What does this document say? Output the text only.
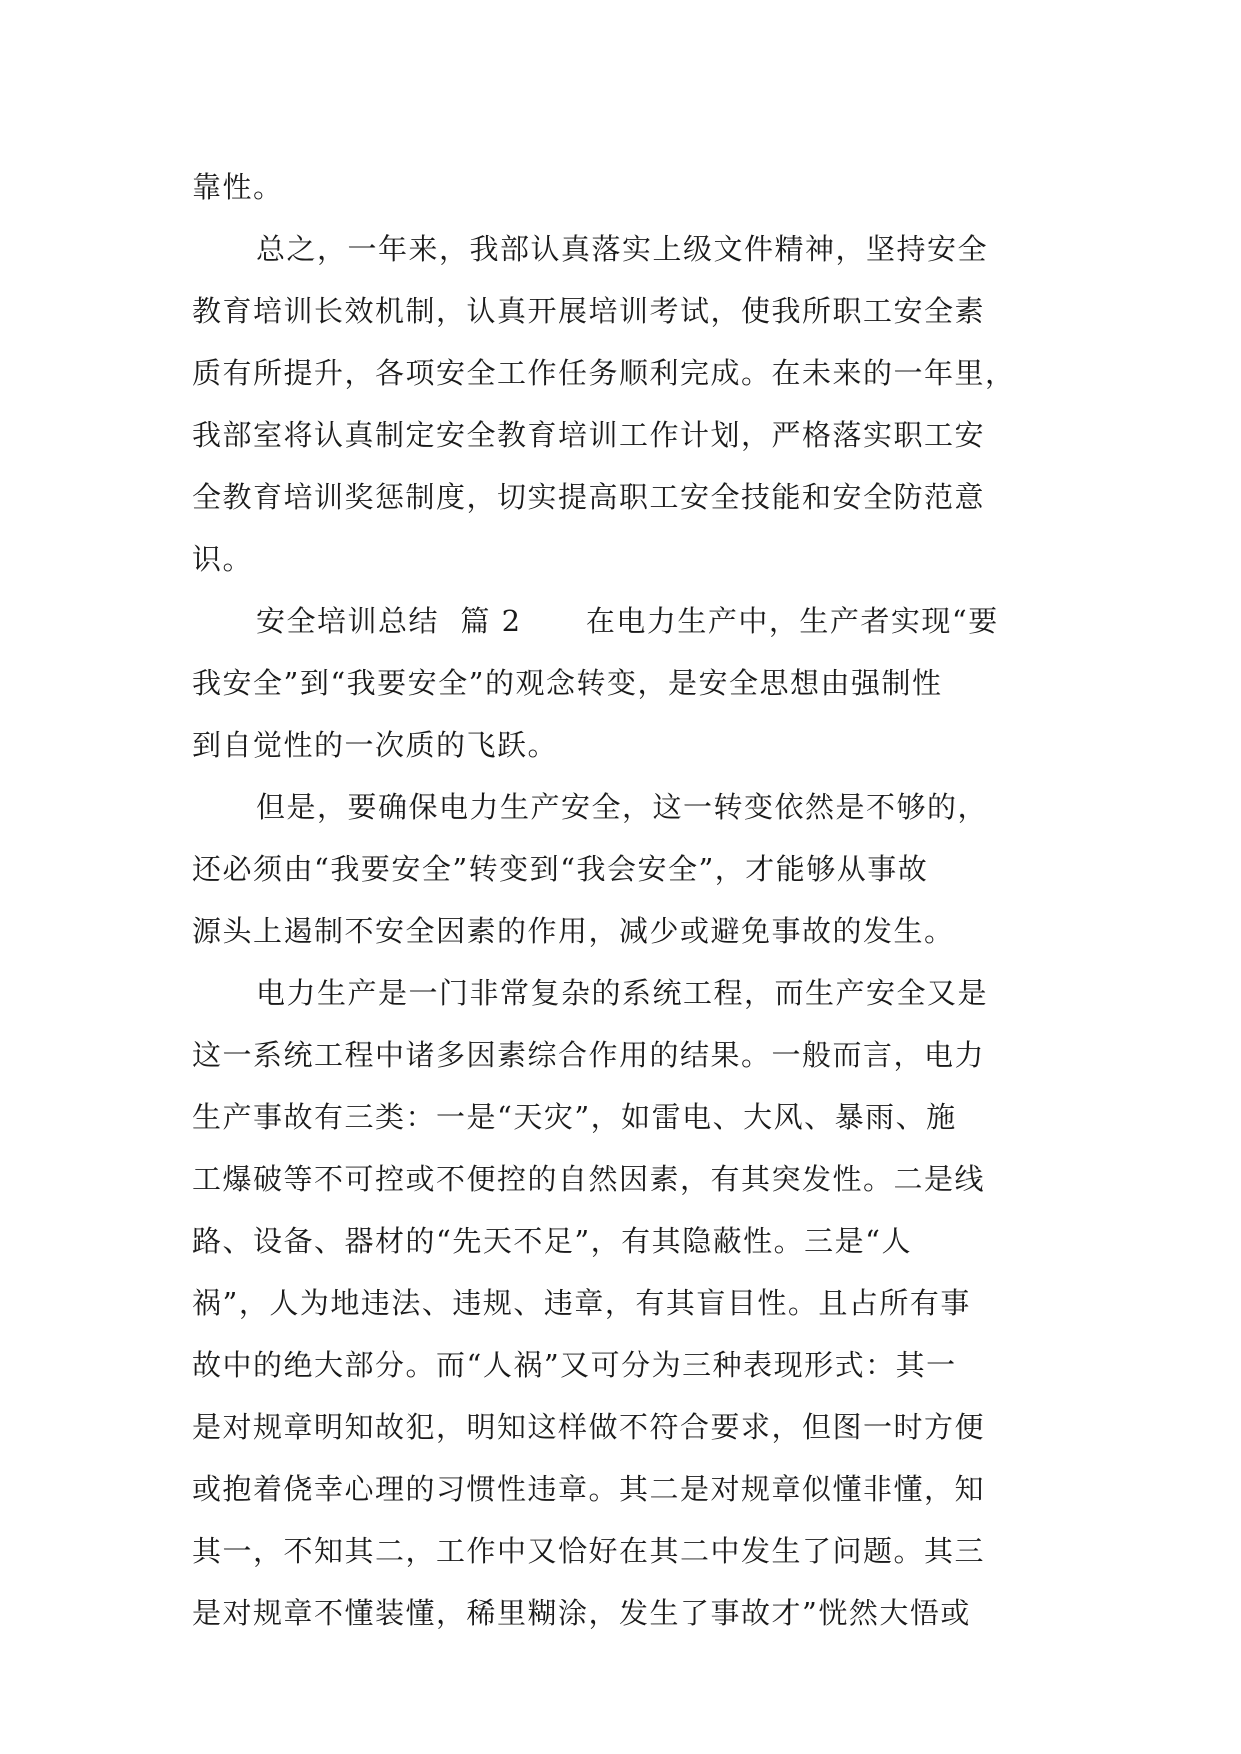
靠性。
总之，一年来，我部认真落实上级文件精神，坚持安全
教育培训长效机制，认真开展培训考试，使我所职工安全素
质有所提升，各项安全工作任务顺利完成。在未来的一年里，
我部室将认真制定安全教育培训工作计划，严格落实职工安
全教育培训奖惩制度，切实提高职工安全技能和安全防范意
识。
安全培训总结  篇 2      在电力生产中，生产者实现“要
我安全”到“我要安全”的观念转变，是安全思想由强制性
到自觉性的一次质的飞跃。
但是，要确保电力生产安全，这一转变依然是不够的，
还必须由“我要安全”转变到“我会安全”，才能够从事故
源头上遏制不安全因素的作用，减少或避免事故的发生。
电力生产是一门非常复杂的系统工程，而生产安全又是
这一系统工程中诸多因素综合作用的结果。一般而言，电力
生产事故有三类：一是“天灾”，如雷电、大风、暴雨、施
工爆破等不可控或不便控的自然因素，有其突发性。二是线
路、设备、器材的“先天不足”，有其隐蔽性。三是“人
祸”，人为地违法、违规、违章，有其盲目性。且占所有事
故中的绝大部分。而“人祸”又可分为三种表现形式：其一
是对规章明知故犯，明知这样做不符合要求，但图一时方便
或抱着侥幸心理的习惯性违章。其二是对规章似懂非懂，知
其一，不知其二，工作中又恰好在其二中发生了问题。其三
是对规章不懂装懂，稀里糊涂，发生了事故才”恍然大悟或
